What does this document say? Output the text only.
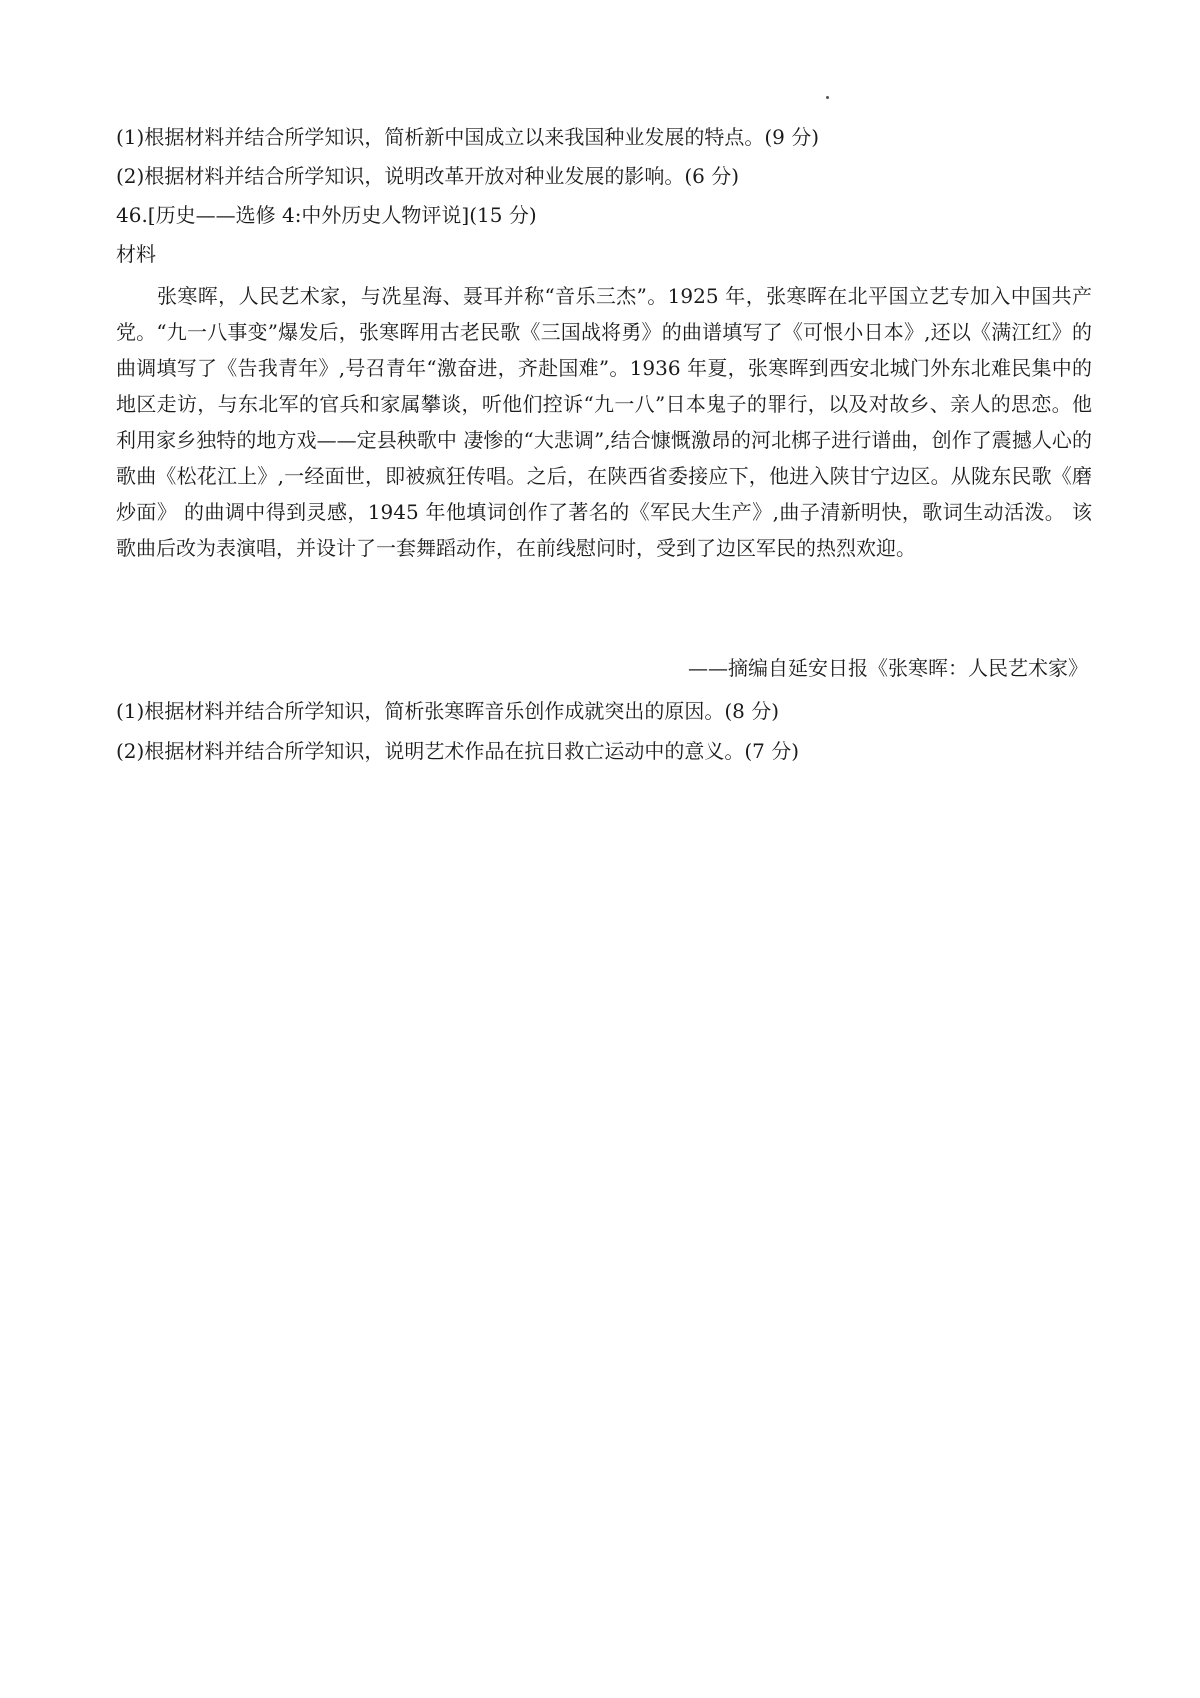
(1)根据材料并结合所学知识，简析新中国成立以来我国种业发展的特点。(9 分)
(2)根据材料并结合所学知识，说明改革开放对种业发展的影响。(6 分)
46.[历史——选修 4:中外历史人物评说](15 分)
材料
张寒晖，人民艺术家，与冼星海、聂耳并称“音乐三杰”。1925 年，张寒晖在北平国立艺专加入中国共产党。“九一八事变”爆发后，张寒晖用古老民歌《三国战将勇》的曲谱填写了《可恨小日本》,还以《满江红》的曲调填写了《告我青年》,号召青年“激奋进，齐赴国难”。1936 年夏，张寒晖到西安北城门外东北难民集中的地区走访，与东北军的官兵和家属攀谈，听他们控诉“九一八”日本鬼子的罪行，以及对故乡、亲人的思恋。他利用家乡独特的地方戏——定县秧歌中 凄惨的“大悲调”,结合慷慨激昂的河北梆子进行谱曲，创作了震撼人心的歌曲《松花江上》,一经面世，即被疯狂传唱。之后，在陕西省委接应下，他进入陕甘宁边区。从陇东民歌《磨炒面》 的曲调中得到灵感，1945 年他填词创作了著名的《军民大生产》,曲子清新明快，歌词生动活泼。 该歌曲后改为表演唱，并设计了一套舞蹈动作，在前线慰问时，受到了边区军民的热烈欢迎。
——摘编自延安日报《张寒晖：人民艺术家》
(1)根据材料并结合所学知识，简析张寒晖音乐创作成就突出的原因。(8 分)
(2)根据材料并结合所学知识，说明艺术作品在抗日救亡运动中的意义。(7 分)
